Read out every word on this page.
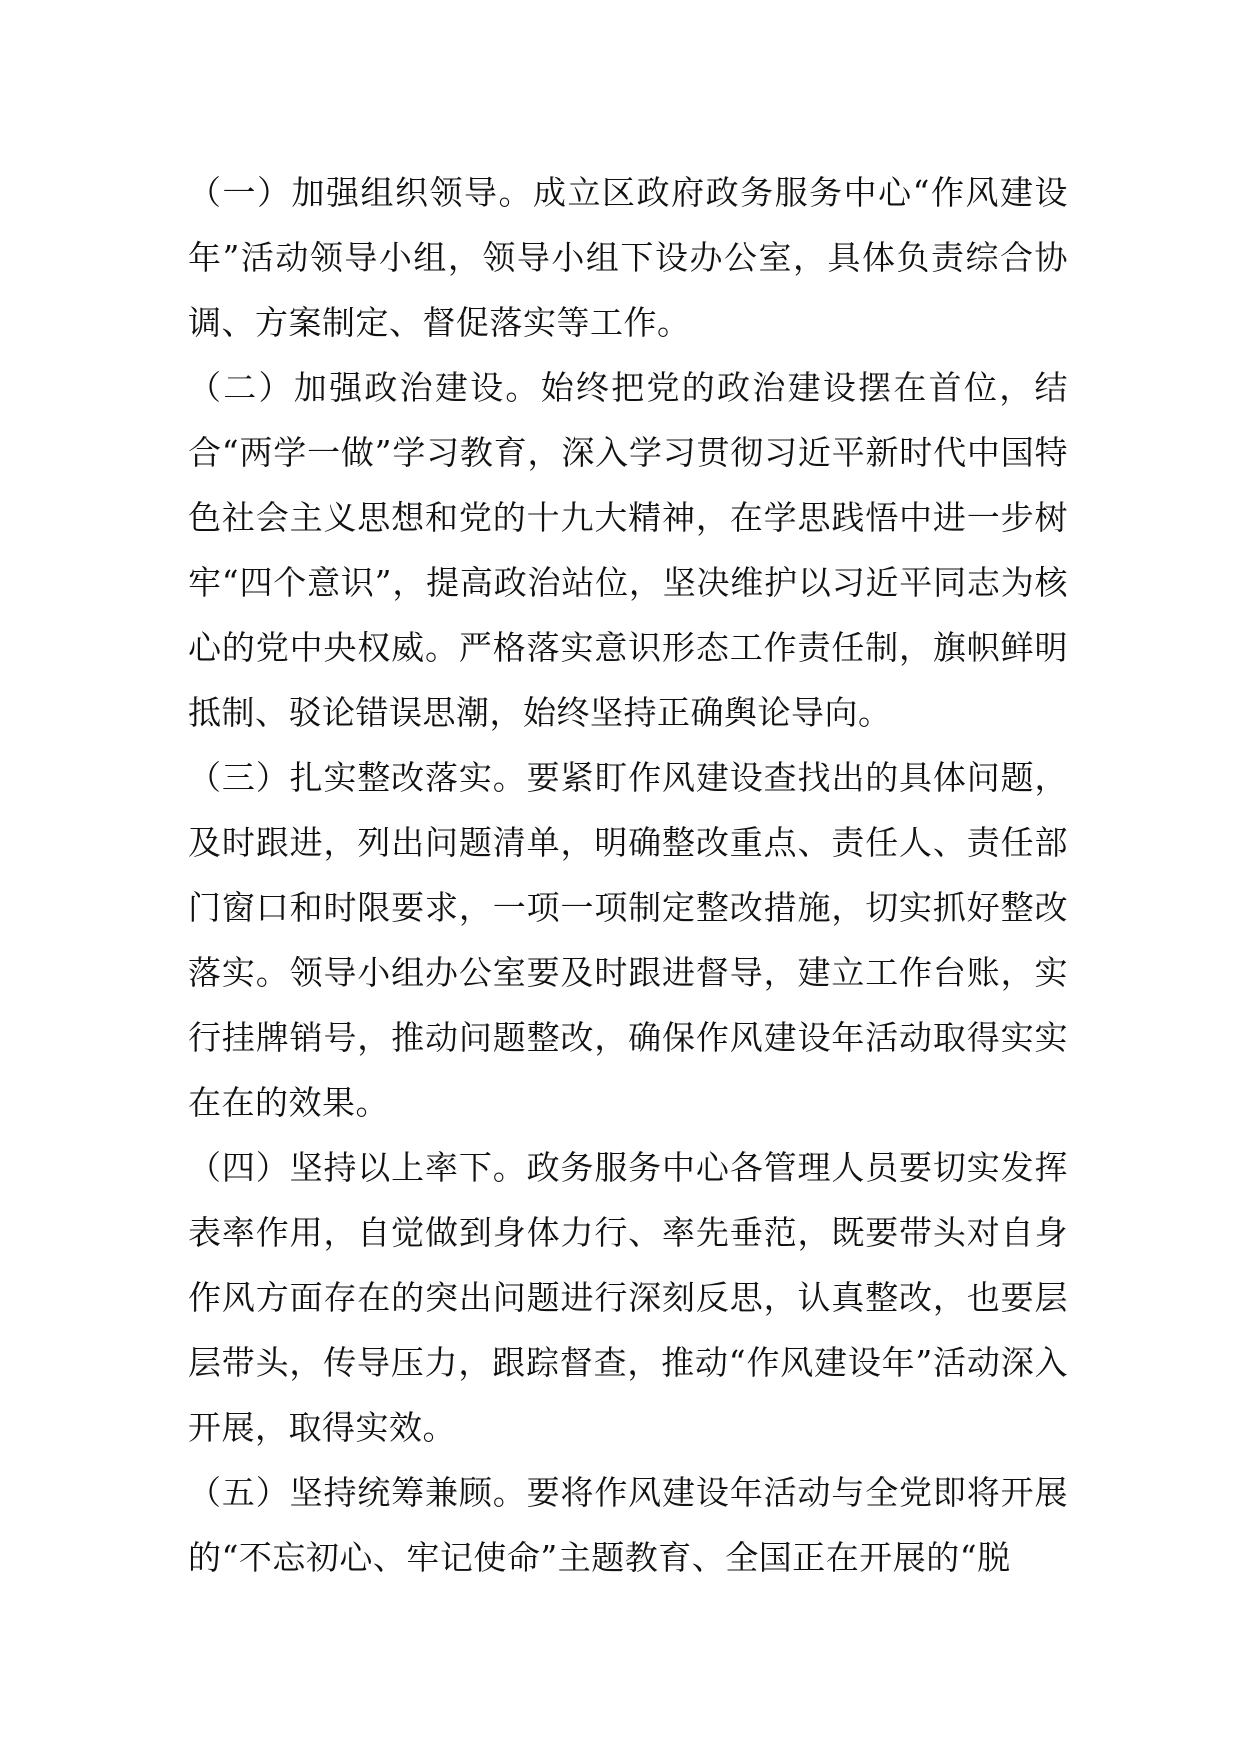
（一）加强组织领导。成立区政府政务服务中心“作风建设年”活动领导小组，领导小组下设办公室，具体负责综合协调、方案制定、督促落实等工作。

（二）加强政治建设。始终把党的政治建设摆在首位，结合“两学一做”学习教育，深入学习贯彻习近平新时代中国特色社会主义思想和党的十九大精神，在学思践悟中进一步树牢“四个意识”，提高政治站位，坚决维护以习近平同志为核心的党中央权威。严格落实意识形态工作责任制，旗帜鲜明抵制、驳论错误思潮，始终坚持正确舆论导向。

（三）扎实整改落实。要紧盯作风建设查找出的具体问题，及时跟进，列出问题清单，明确整改重点、责任人、责任部门窗口和时限要求，一项一项制定整改措施，切实抓好整改落实。领导小组办公室要及时跟进督导，建立工作台账，实行挂牌销号，推动问题整改，确保作风建设年活动取得实实在在的效果。

（四）坚持以上率下。政务服务中心各管理人员要切实发挥表率作用，自觉做到身体力行、率先垂范，既要带头对自身作风方面存在的突出问题进行深刻反思，认真整改，也要层层带头，传导压力，跟踪督查，推动“作风建设年”活动深入开展，取得实效。

（五）坚持统筹兼顾。要将作风建设年活动与全党即将开展的“不忘初心、牢记使命”主题教育、全国正在开展的“脱
